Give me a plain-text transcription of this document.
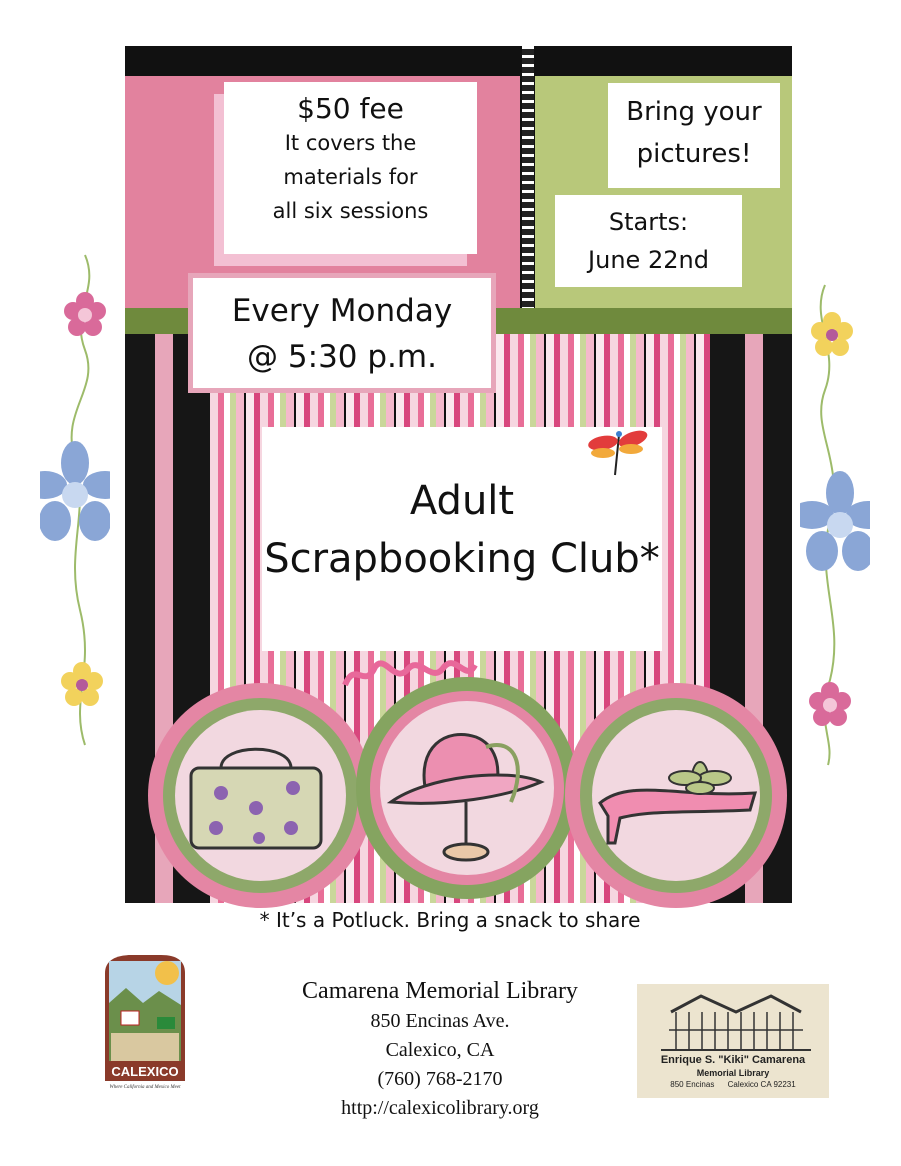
$50 fee
It covers the
materials for
all six sessions
Bring your
pictures!
Starts:
June 22nd
Every Monday
@ 5:30 p.m.
Adult
Scrapbooking Club*
* It’s a Potluck. Bring a snack to share
CALEXICO
Where California and Mexico Meet
Camarena Memorial Library
850 Encinas Ave.
Calexico, CA
(760) 768-2170
http://calexicolibrary.org
Enrique S. "Kiki" Camarena
Memorial Library
850 Encinas      Calexico CA 92231
